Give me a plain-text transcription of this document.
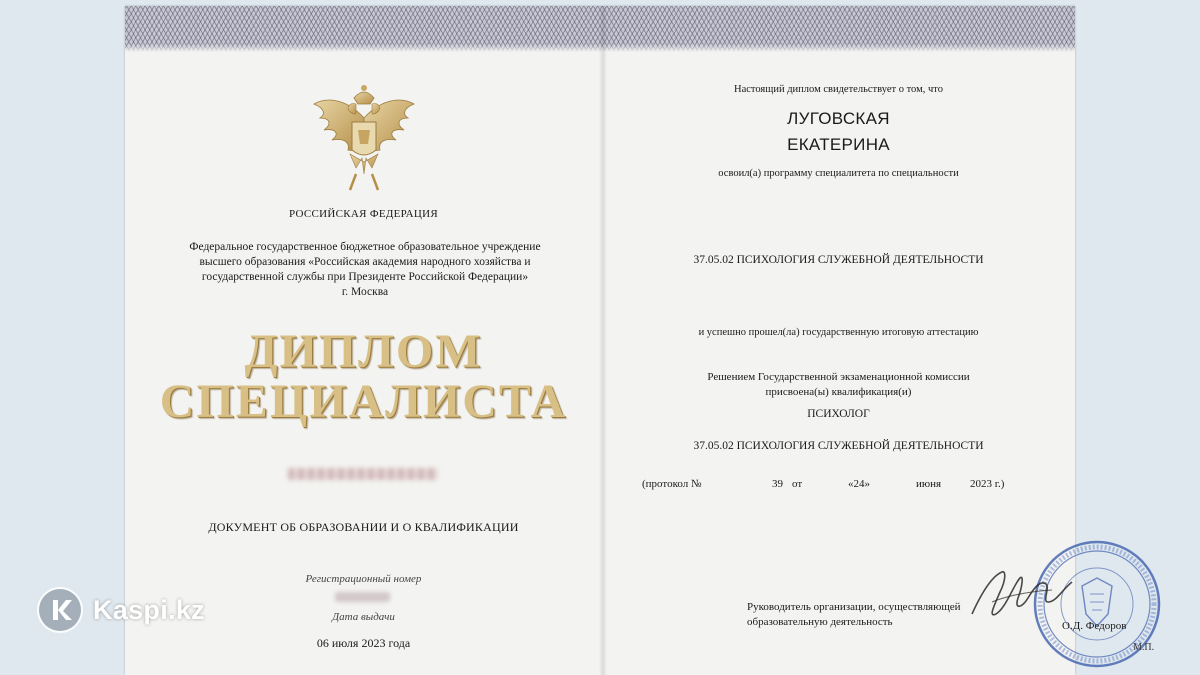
РОССИЙСКАЯ ФЕДЕРАЦИЯ
Федеральное государственное бюджетное образовательное учреждение
высшего образования «Российская академия народного хозяйства и
государственной службы при Президенте Российской Федерации»
г. Москва
ДИПЛОМ
СПЕЦИАЛИСТА
ДОКУМЕНТ ОБ ОБРАЗОВАНИИ И О КВАЛИФИКАЦИИ
Регистрационный номер
Дата выдачи
06 июля 2023 года
Настоящий диплом свидетельствует о том, что
ЛУГОВСКАЯ
ЕКАТЕРИНА
освоил(а) программу специалитета по специальности
37.05.02 ПСИХОЛОГИЯ СЛУЖЕБНОЙ ДЕЯТЕЛЬНОСТИ
и успешно прошел(ла) государственную итоговую аттестацию
Решением Государственной экзаменационной комиссии
присвоена(ы) квалификация(и)
ПСИХОЛОГ
37.05.02 ПСИХОЛОГИЯ СЛУЖЕБНОЙ ДЕЯТЕЛЬНОСТИ
(протокол №	39 от	«24»	июня	2023 г.)
Руководитель организации, осуществляющей образовательную деятельность
М.П.
О.Д. Федоров
Kaspi.kz
